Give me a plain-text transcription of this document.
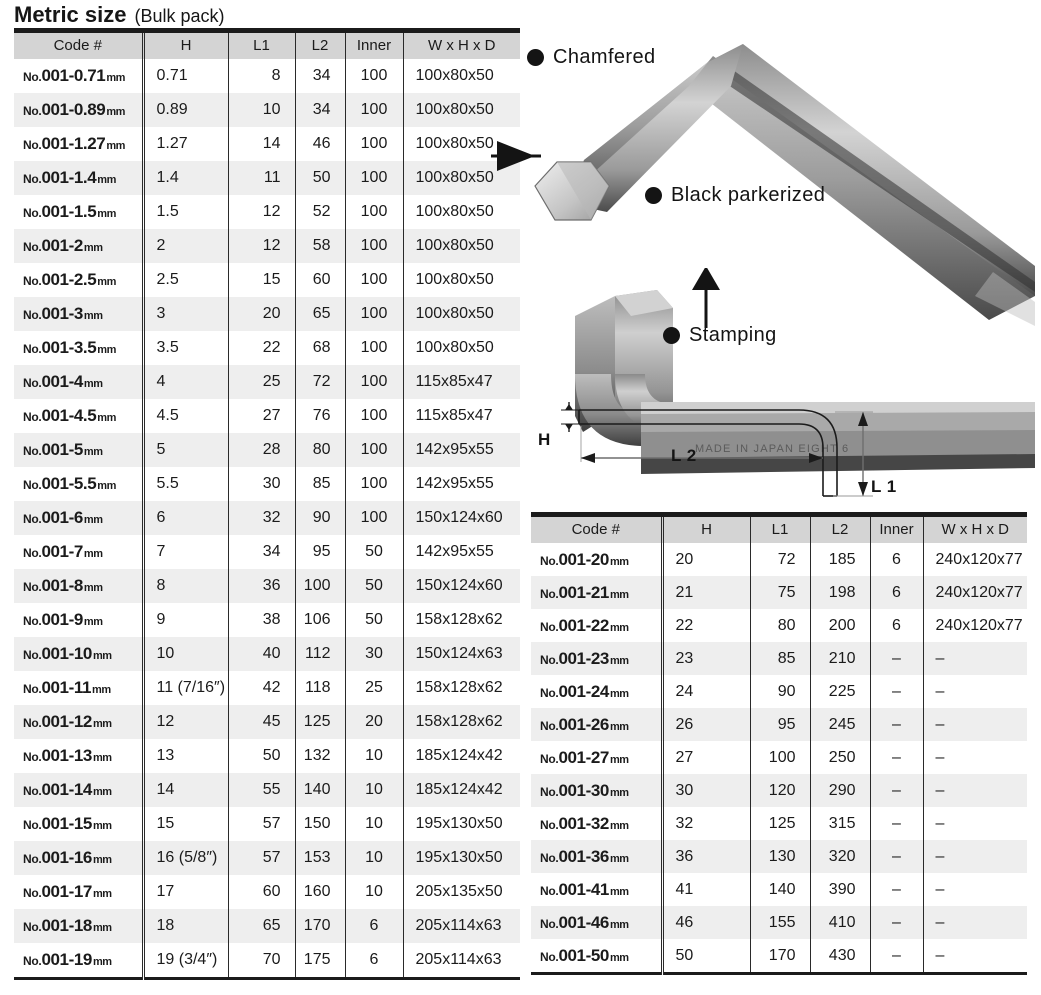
Metric size (Bulk pack)

Code #	H	L1	L2	Inner	W x H x D
No.001-0.71mm	0.71	8	34	100	100x80x50
No.001-0.89mm	0.89	10	34	100	100x80x50
No.001-1.27mm	1.27	14	46	100	100x80x50
No.001-1.4mm	1.4	11	50	100	100x80x50
No.001-1.5mm	1.5	12	52	100	100x80x50
No.001-2mm	2	12	58	100	100x80x50
No.001-2.5mm	2.5	15	60	100	100x80x50
No.001-3mm	3	20	65	100	100x80x50
No.001-3.5mm	3.5	22	68	100	100x80x50
No.001-4mm	4	25	72	100	115x85x47
No.001-4.5mm	4.5	27	76	100	115x85x47
No.001-5mm	5	28	80	100	142x95x55
No.001-5.5mm	5.5	30	85	100	142x95x55
No.001-6mm	6	32	90	100	150x124x60
No.001-7mm	7	34	95	50	142x95x55
No.001-8mm	8	36	100	50	150x124x60
No.001-9mm	9	38	106	50	158x128x62
No.001-10mm	10	40	112	30	150x124x63
No.001-11mm	11 (7/16″)	42	118	25	158x128x62
No.001-12mm	12	45	125	20	158x128x62
No.001-13mm	13	50	132	10	185x124x42
No.001-14mm	14	55	140	10	185x124x42
No.001-15mm	15	57	150	10	195x130x50
No.001-16mm	16 (5/8″)	57	153	10	195x130x50
No.001-17mm	17	60	160	10	205x135x50
No.001-18mm	18	65	170	6	205x114x63
No.001-19mm	19 (3/4″)	70	175	6	205x114x63

Code #	H	L1	L2	Inner	W x H x D
No.001-20mm	20	72	185	6	240x120x77
No.001-21mm	21	75	198	6	240x120x77
No.001-22mm	22	80	200	6	240x120x77
No.001-23mm	23	85	210	–	–
No.001-24mm	24	90	225	–	–
No.001-26mm	26	95	245	–	–
No.001-27mm	27	100	250	–	–
No.001-30mm	30	120	290	–	–
No.001-32mm	32	125	315	–	–
No.001-36mm	36	130	320	–	–
No.001-41mm	41	140	390	–	–
No.001-46mm	46	155	410	–	–
No.001-50mm	50	170	430	–	–
MADE IN JAPAN EIGHT 6
Chamfered
Black parkerized
Stamping
H
L 2
L 1
